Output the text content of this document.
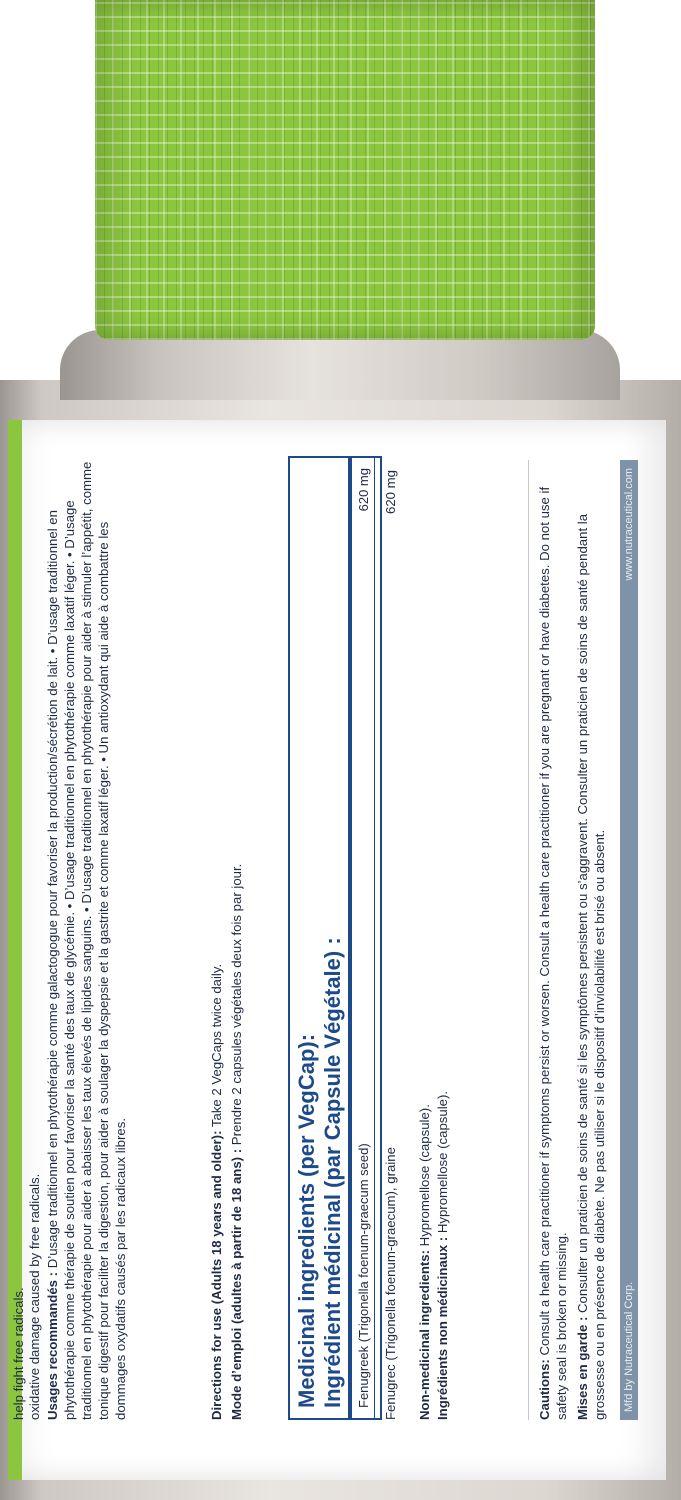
help fight free radicals. oxidative damage caused by free radicals. Usages recommandés : D’usage traditionnel en phytothérapie comme galactogogue pour favoriser la production/sécrétion de lait. • D’usage traditionnel en phytothérapie comme thérapie de soutien pour favoriser la santé des taux de glycémie. • D’usage traditionnel en phytothérapie comme laxatif léger. • D’usage traditionnel en phytothérapie pour aider à abaisser les taux élevés de lipides sanguins. • D’usage traditionnel en phytothérapie pour aider à stimuler l’appétit, comme tonique digestif pour faciliter la digestion, pour aider à soulager la dyspepsie et la gastrite et comme laxatif léger. • Un antioxydant qui aide à combattre les dommages oxydatifs causés par les radicaux libres.	Directions for use (Adults 18 years and older): Take 2 VegCaps twice daily.

Mode d’emploi (adultes à partir de 18 ans) : Prendre 2 capsules végétales deux fois par jour.

Medicinal ingredients (per VegCap): Ingrédient médicinal (par Capsule Végétale) : Fenugreek (Trigonella foenum-graecum seed)
620 mg
Fenugrec (Trigonella foenum-graecum), graine
620 mg

Non-medicinal ingredients: Hypromellose (capsule).

Ingrédients non médicinaux : Hypromellose (capsule).

Cautions: Consult a health care practitioner if symptoms persist or worsen. Consult a health care practitioner if you are pregnant or have diabetes. Do not use if safety seal is broken or missing. Mises en garde : Consulter un praticien de soins de santé si les symptômes persistent ou s’aggravent. Consulter un praticien de soins de santé pendant la grossesse ou en présence de diabète. Ne pas utiliser si le dispositif d’inviolabilité est brisé ou absent. Mfd by Nutraceutical Corp.
www.nutraceutical.com
